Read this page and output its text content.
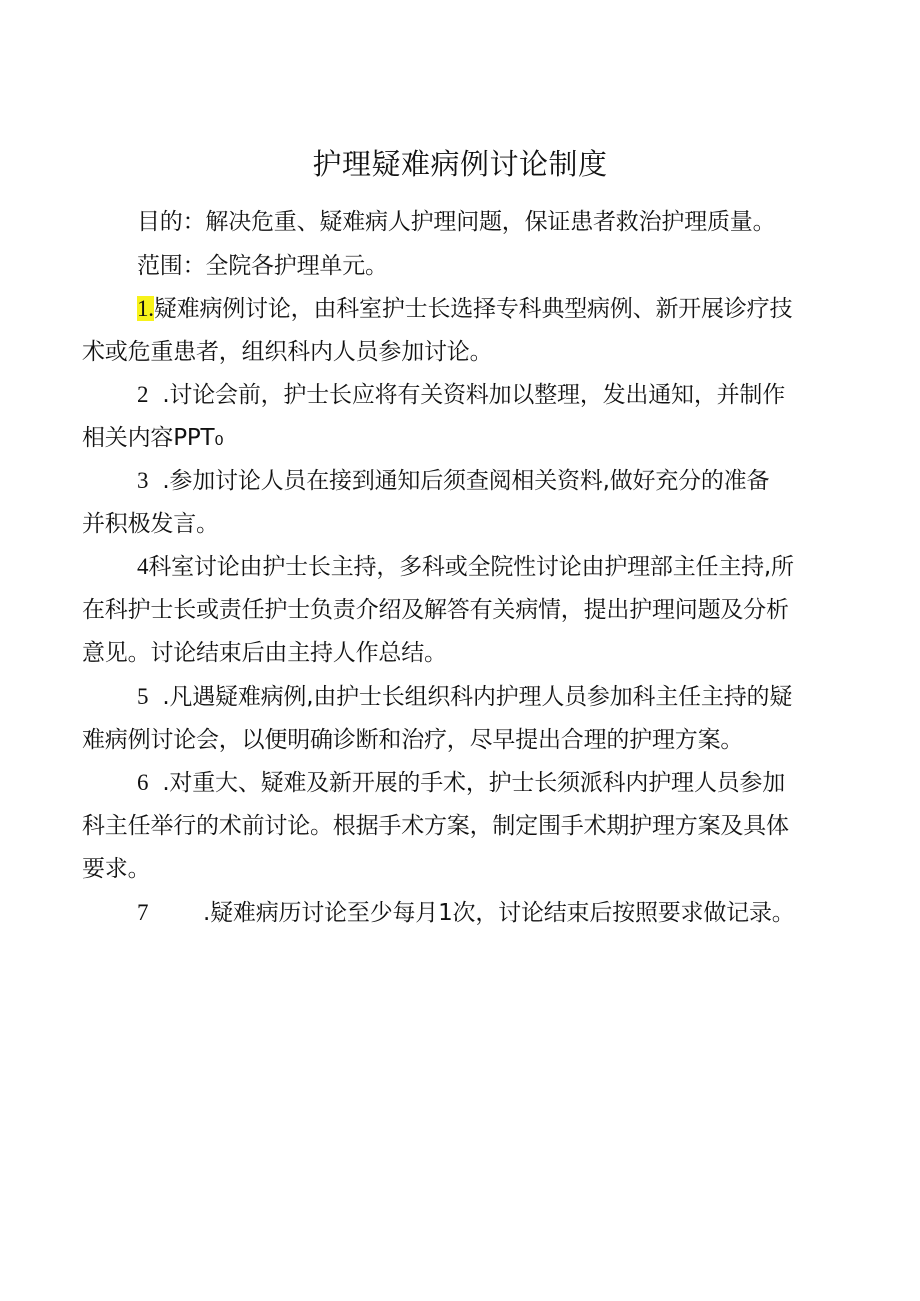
护理疑难病例讨论制度
目的：解决危重、疑难病人护理问题，保证患者救治护理质量。
范围：全院各护理单元。
1.疑难病例讨论，由科室护士长选择专科典型病例、新开展诊疗技
术或危重患者，组织科内人员参加讨论。
2 .讨论会前，护士长应将有关资料加以整理，发出通知，并制作
相关内容PPT₀
3 .参加讨论人员在接到通知后须查阅相关资料,做好充分的准备
并积极发言。
4科室讨论由护士长主持，多科或全院性讨论由护理部主任主持,所
在科护士长或责任护士负责介绍及解答有关病情，提出护理问题及分析
意见。讨论结束后由主持人作总结。
5 .凡遇疑难病例,由护士长组织科内护理人员参加科主任主持的疑
难病例讨论会，以便明确诊断和治疗，尽早提出合理的护理方案。
6 .对重大、疑难及新开展的手术，护士长须派科内护理人员参加
科主任举行的术前讨论。根据手术方案，制定围手术期护理方案及具体
要求。
7 .疑难病历讨论至少每月1次，讨论结束后按照要求做记录。
